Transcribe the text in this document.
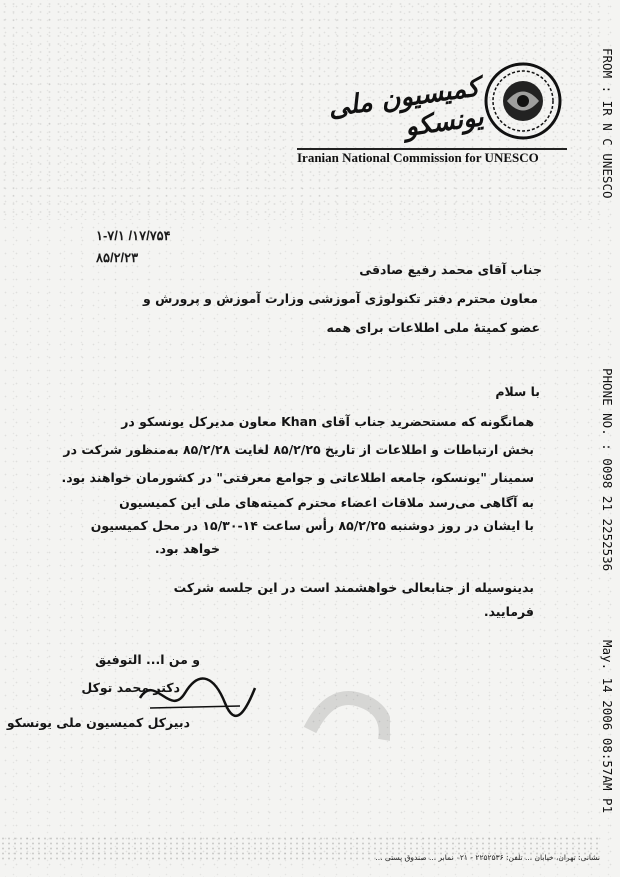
کمیسیون ملی یونسکو
Iranian National Commission for UNESCO
۱۷/۷۵۴/ ۱-۷/۱
۸۵/۲/۲۳
جناب آقای محمد رفیع صادقی
معاون محترم دفتر تکنولوژی آموزشی وزارت آموزش و پرورش و
عضو کمیتهٔ ملی اطلاعات برای همه
با سلام
همانگونه که مستحضرید جناب آقای Khan معاون مدیرکل یونسکو در
بخش ارتباطات و اطلاعات از تاریخ ۸۵/۲/۲۵ لغایت ۸۵/۲/۲۸ به‌منظور شرکت در
سمینار "یونسکو، جامعه اطلاعاتی و جوامع معرفتی" در کشورمان خواهند بود.
به آگاهی می‌رسد ملاقات اعضاء محترم کمیته‌های ملی این کمیسیون
با ایشان در روز دوشنبه ۸۵/۲/۲۵ رأس ساعت ۱۴-۱۵/۳۰ در محل کمیسیون
خواهد بود.
بدینوسیله از جنابعالی خواهشمند است در این جلسه شرکت
فرمایید.
و من ا... التوفیق
دکتر محمد توکل
دبیرکل کمیسیون ملی یونسکو
نشانی: تهران، خیابان ... تلفن: ۲۲۵۲۵۳۶ - ۰۲۱ نمابر ... صندوق پستی ...
FROM : IR N C UNESCO
PHONE NO. : 0098 21 2252536
May. 14 2006 08:57AM P1
